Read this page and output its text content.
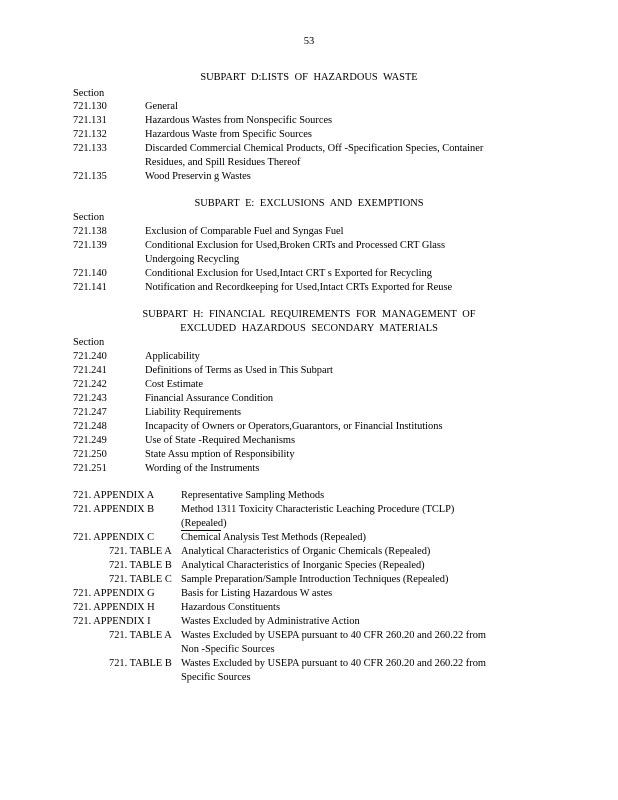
53
SUBPART D:LISTS OF HAZARDOUS WASTE
Section
721.130	General
721.131	Hazardous Wastes from Nonspecific Sources
721.132	Hazardous Waste from Specific Sources
721.133	Discarded Commercial Chemical Products, Off -Specification Species, Container
Residues, and Spill Residues Thereof
721.135	Wood Preservin g Wastes
SUBPART E: EXCLUSIONS AND EXEMPTIONS
Section
721.138	Exclusion of Comparable Fuel and Syngas Fuel
721.139	Conditional Exclusion for Used,Broken CRTs and Processed CRT Glass
Undergoing Recycling
721.140	Conditional Exclusion for Used,Intact CRT s Exported for Recycling
721.141	Notification and Recordkeeping for Used,Intact CRTs Exported for Reuse
SUBPART H: FINANCIAL REQUIREMENTS FOR MANAGEMENT OF
EXCLUDED HAZARDOUS SECONDARY MATERIALS
Section
721.240	Applicability
721.241	Definitions of Terms as Used in This Subpart
721.242	Cost Estimate
721.243	Financial Assurance Condition
721.247	Liability Requirements
721.248	Incapacity of Owners or Operators,Guarantors, or Financial Institutions
721.249	Use of State -Required Mechanisms
721.250	State Assu mption of Responsibility
721.251	Wording of the Instruments
721. APPENDIX A	Representative Sampling Methods
721. APPENDIX B	Method 1311 Toxicity Characteristic Leaching Procedure (TCLP)
(Repealed)
721. APPENDIX C	Chemical Analysis Test Methods (Repealed)
721. TABLE A Analytical Characteristics of Organic Chemicals (Repealed)
721. TABLE B Analytical Characteristics of Inorganic Species (Repealed)
721. TABLE C Sample Preparation/Sample Introduction Techniques (Repealed)
721. APPENDIX G	Basis for Listing Hazardous W astes
721. APPENDIX H	Hazardous Constituents
721. APPENDIX I	Wastes Excluded by Administrative Action
721. TABLE A Wastes Excluded by USEPA pursuant to 40 CFR 260.20 and 260.22 from
Non -Specific Sources
721. TABLE B Wastes Excluded by USEPA pursuant to 40 CFR 260.20 and 260.22 from
Specific Sources
